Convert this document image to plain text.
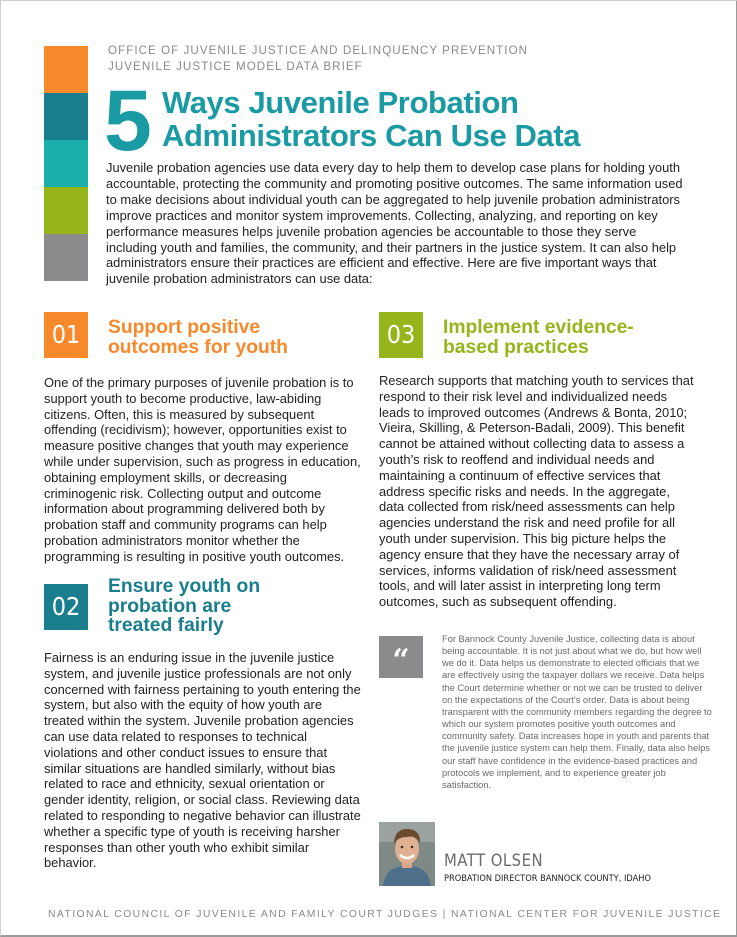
OFFICE OF JUVENILE JUSTICE AND DELINQUENCY PREVENTION
JUVENILE JUSTICE MODEL DATA BRIEF
5 Ways Juvenile Probation
Administrators Can Use Data
Juvenile probation agencies use data every day to help them to develop case plans for holding youth accountable, protecting the community and promoting positive outcomes. The same information used to make decisions about individual youth can be aggregated to help juvenile probation administrators improve practices and monitor system improvements. Collecting, analyzing, and reporting on key performance measures helps juvenile probation agencies be accountable to those they serve including youth and families, the community, and their partners in the justice system. It can also help administrators ensure their practices are efficient and effective. Here are five important ways that juvenile probation administrators can use data:
01	Support positive
outcomes for youth
One of the primary purposes of juvenile probation is to support youth to become productive, law-abiding citizens. Often, this is measured by subsequent offending (recidivism); however, opportunities exist to measure positive changes that youth may experience while under supervision, such as progress in education, obtaining employment skills, or decreasing criminogenic risk. Collecting output and outcome information about programming delivered both by probation staff and community programs can help probation administrators monitor whether the programming is resulting in positive youth outcomes.
02
Ensure youth on
probation are
treated fairly
Fairness is an enduring issue in the juvenile justice system, and juvenile justice professionals are not only concerned with fairness pertaining to youth entering the system, but also with the equity of how youth are treated within the system. Juvenile probation agencies can use data related to responses to technical violations and other conduct issues to ensure that similar situations are handled similarly, without bias related to race and ethnicity, sexual orientation or gender identity, religion, or social class. Reviewing data related to responding to negative behavior can illustrate whether a specific type of youth is receiving harsher responses than other youth who exhibit similar behavior.
03	Implement evidence-
based practices
Research supports that matching youth to services that respond to their risk level and individualized needs leads to improved outcomes (Andrews & Bonta, 2010; Vieira, Skilling, & Peterson-Badali, 2009). This benefit cannot be attained without collecting data to assess a youth’s risk to reoffend and individual needs and maintaining a continuum of effective services that address specific risks and needs. In the aggregate, data collected from risk/need assessments can help agencies understand the risk and need profile for all youth under supervision. This big picture helps the agency ensure that they have the necessary array of services, informs validation of risk/need assessment tools, and will later assist in interpreting long term outcomes, such as subsequent offending.
“
For Bannock County Juvenile Justice, collecting data is about being accountable. It is not just about what we do, but how well we do it. Data helps us demonstrate to elected officials that we are effectively using the taxpayer dollars we receive. Data helps the Court determine whether or not we can be trusted to deliver on the expectations of the Court’s order. Data is about being transparent with the community members regarding the degree to which our system promotes positive youth outcomes and community safety. Data increases hope in youth and parents that the juvenile justice system can help them. Finally, data also helps our staff have confidence in the evidence-based practices and protocols we implement, and to experience greater job satisfaction.
MATT OLSEN
PROBATION DIRECTOR BANNOCK COUNTY, IDAHO
NATIONAL COUNCIL OF JUVENILE AND FAMILY COURT JUDGES | NATIONAL CENTER FOR JUVENILE JUSTICE
